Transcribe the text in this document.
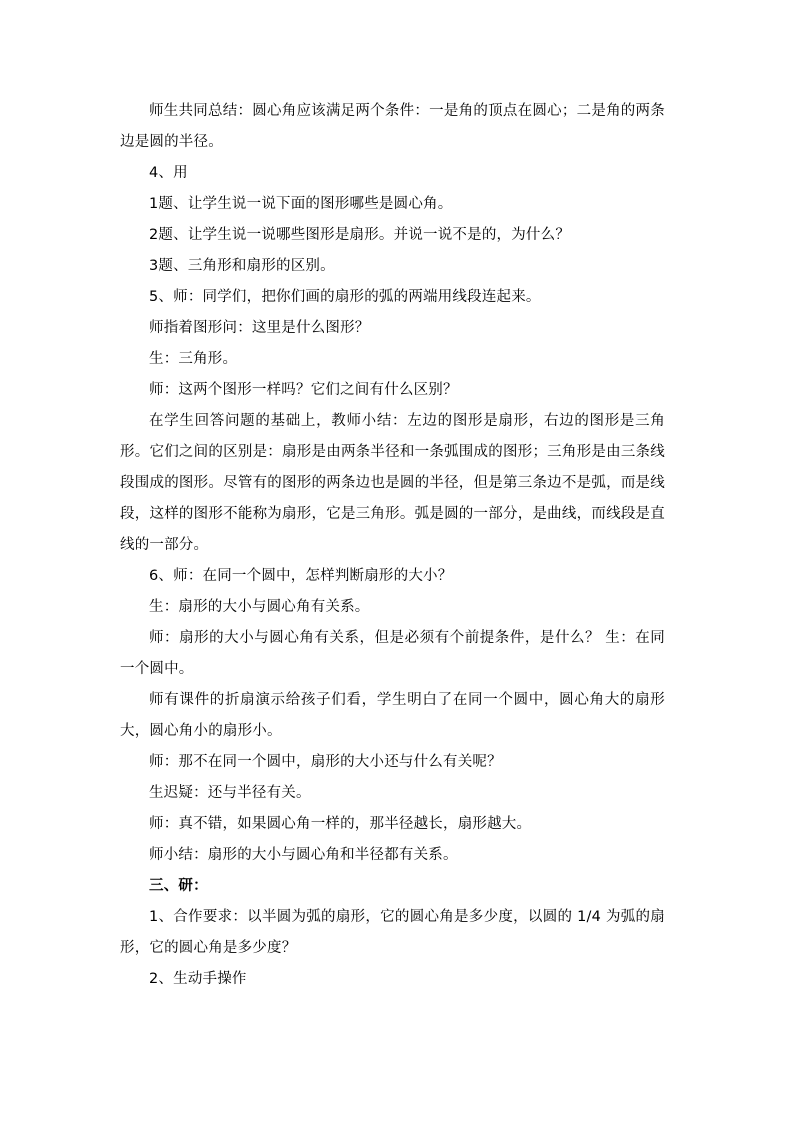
师生共同总结：圆心角应该满足两个条件：一是角的顶点在圆心；二是角的两条边是圆的半径。

4、用

1题、让学生说一说下面的图形哪些是圆心角。

2题、让学生说一说哪些图形是扇形。并说一说不是的，为什么？

3题、三角形和扇形的区别。

5、师：同学们，把你们画的扇形的弧的两端用线段连起来。

师指着图形问：这里是什么图形？

生：三角形。

师：这两个图形一样吗？它们之间有什么区别？

在学生回答问题的基础上，教师小结：左边的图形是扇形，右边的图形是三角形。它们之间的区别是：扇形是由两条半径和一条弧围成的图形；三角形是由三条线段围成的图形。尽管有的图形的两条边也是圆的半径，但是第三条边不是弧，而是线段，这样的图形不能称为扇形，它是三角形。弧是圆的一部分，是曲线，而线段是直线的一部分。

6、师：在同一个圆中，怎样判断扇形的大小？

生：扇形的大小与圆心角有关系。

师：扇形的大小与圆心角有关系，但是必须有个前提条件，是什么？ 生：在同一个圆中。

师有课件的折扇演示给孩子们看，学生明白了在同一个圆中，圆心角大的扇形大，圆心角小的扇形小。

师：那不在同一个圆中，扇形的大小还与什么有关呢？

生迟疑：还与半径有关。

师：真不错，如果圆心角一样的，那半径越长，扇形越大。

师小结：扇形的大小与圆心角和半径都有关系。

三、研：

1、合作要求：以半圆为弧的扇形，它的圆心角是多少度，以圆的 1/4 为弧的扇形，它的圆心角是多少度？

2、生动手操作
